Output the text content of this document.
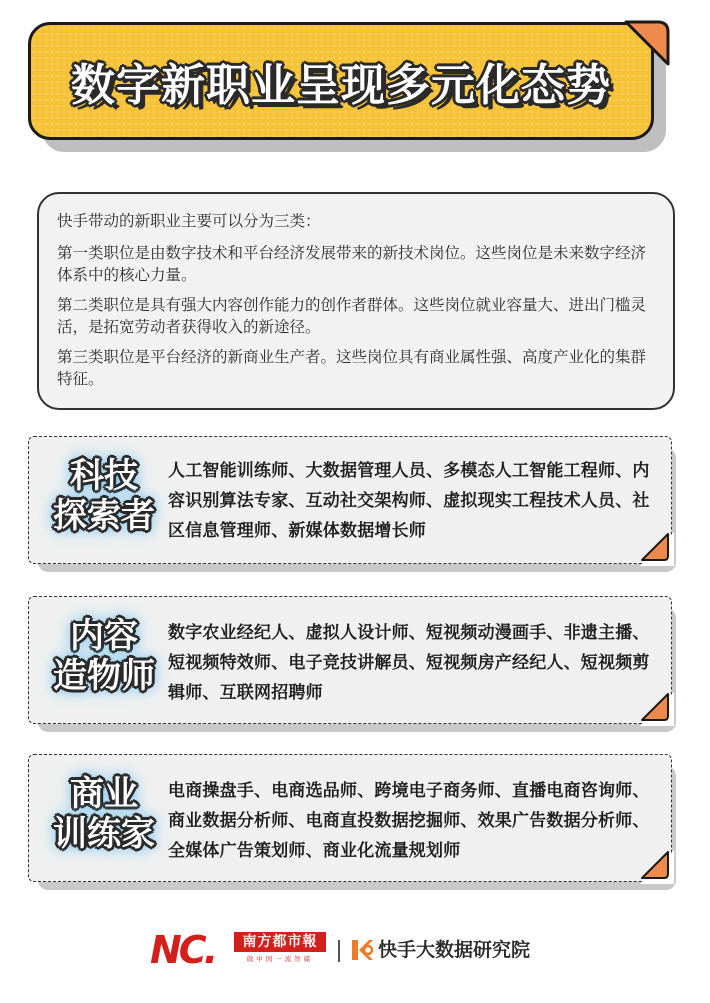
数字新职业呈现多元化态势

快手带动的新职业主要可以分为三类：

第一类职位是由数字技术和平台经济发展带来的新技术岗位。这些岗位是未来数字经济体系中的核心力量。

第二类职位是具有强大内容创作能力的创作者群体。这些岗位就业容量大、进出门槛灵活，是拓宽劳动者获得收入的新途径。

第三类职位是平台经济的新商业生产者。这些岗位具有商业属性强、高度产业化的集群特征。

科技
探索者
人工智能训练师、大数据管理人员、多模态人工智能工程师、内容识别算法专家、互动社交架构师、虚拟现实工程技术人员、社区信息管理师、新媒体数据增长师
内容
造物师
数字农业经纪人、虚拟人设计师、短视频动漫画手、非遗主播、短视频特效师、电子竞技讲解员、短视频房产经纪人、短视频剪辑师、互联网招聘师
商业
训练家
电商操盘手、电商选品师、跨境电子商务师、直播电商咨询师、商业数据分析师、电商直投数据挖掘师、效果广告数据分析师、全媒体广告策划师、商业化流量规划师
NC.	南方都市報
做中国一流智媒	快手大数据研究院
